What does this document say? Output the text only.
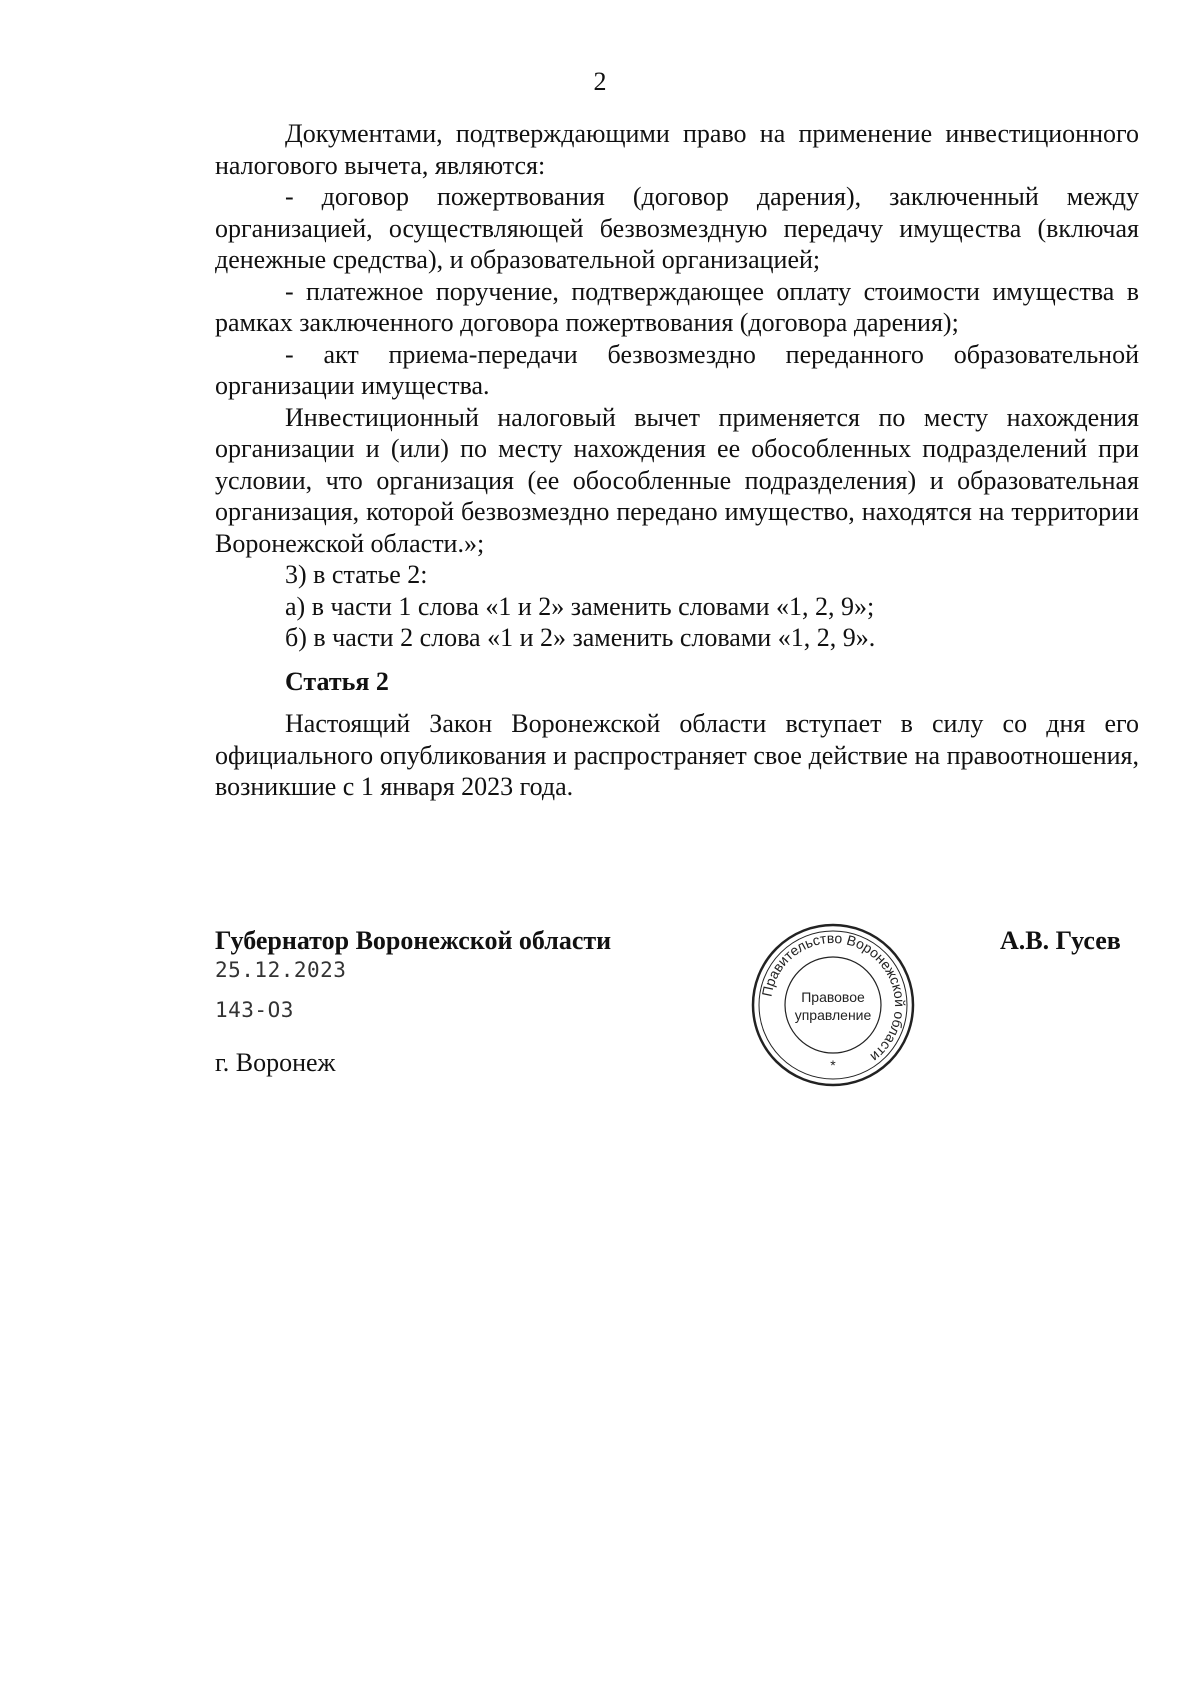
2

Документами, подтверждающими право на применение инвестиционного налогового вычета, являются:

- договор пожертвования (договор дарения), заключенный между организацией, осуществляющей безвозмездную передачу имущества (включая денежные средства), и образовательной организацией;

- платежное поручение, подтверждающее оплату стоимости имущества в рамках заключенного договора пожертвования (договора дарения);

- акт приема-передачи безвозмездно переданного образовательной организации имущества.

Инвестиционный налоговый вычет применяется по месту нахождения организации и (или) по месту нахождения ее обособленных подразделений при условии, что организация (ее обособленные подразделения) и образовательная организация, которой безвозмездно передано имущество, находятся на территории Воронежской области.»;

3) в статье 2:

а) в части 1 слова «1 и 2» заменить словами «1, 2, 9»;

б) в части 2 слова «1 и 2» заменить словами «1, 2, 9».

Статья 2

Настоящий Закон Воронежской области вступает в силу со дня его официального опубликования и распространяет свое действие на правоотношения, возникшие с 1 января 2023 года.

Губернатор Воронежской области

25.12.2023

143-ОЗ

г. Воронеж

Правительство Воронежской области
Правовое
управление
*
А.В. Гусев
